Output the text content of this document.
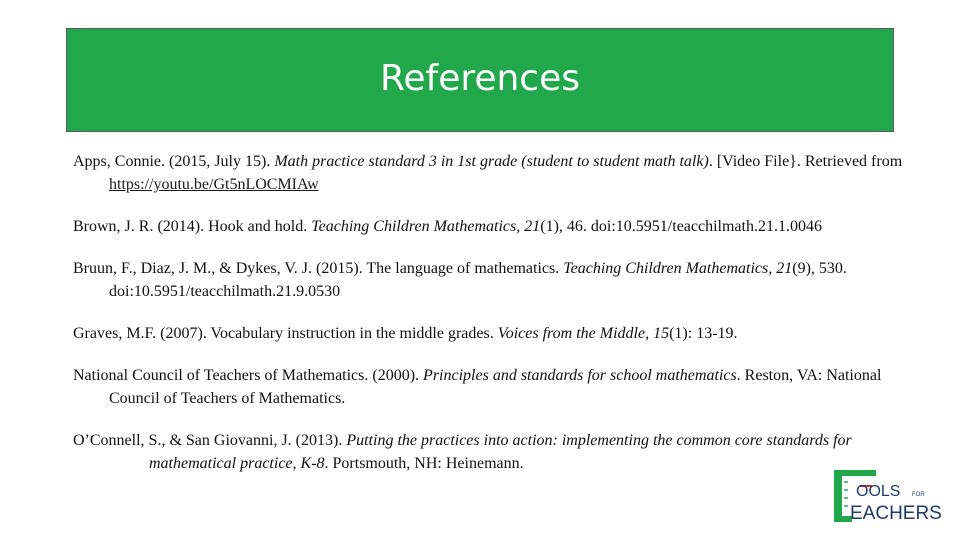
References

Apps, Connie. (2015, July 15). Math practice standard 3 in 1st grade (student to student math talk). [Video File}. Retrieved from https://youtu.be/Gt5nLOCMIAw

Brown, J. R. (2014). Hook and hold. Teaching Children Mathematics, 21(1), 46. doi:10.5951/teacchilmath.21.1.0046

Bruun, F., Diaz, J. M., & Dykes, V. J. (2015). The language of mathematics. Teaching Children Mathematics, 21(9), 530. doi:10.5951/teacchilmath.21.9.0530

Graves, M.F. (2007). Vocabulary instruction in the middle grades. Voices from the Middle, 15(1): 13-19.

National Council of Teachers of Mathematics. (2000). Principles and standards for school mathematics. Reston, VA: National Council of Teachers of Mathematics.

O’Connell, S., & San Giovanni, J. (2013). Putting the practices into action: implementing the common core standards for mathematical practice, K-8. Portsmouth, NH: Heinemann.

OOLS FOR
EACHERS
